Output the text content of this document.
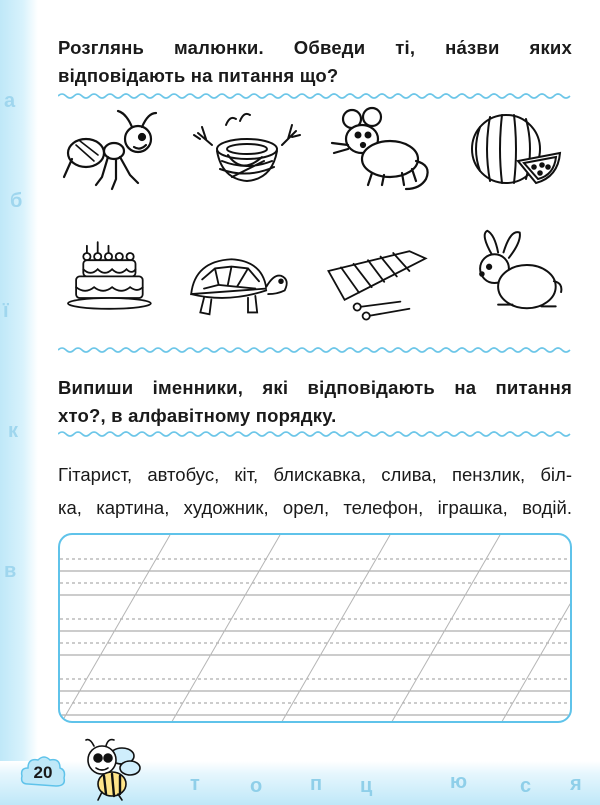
а
б
ї
к
в
т	о п ц	ю	с я
Розглянь малюнки. Обведи ті, на́зви яких
відповідають на питання що?
Випиши іменники, які відповідають на питання
хто?, в алфавітному порядку.
Гітарист, автобус, кіт, блискавка, слива, пензлик, біл-
ка, картина, художник, орел, телефон, іграшка, водій.
20
